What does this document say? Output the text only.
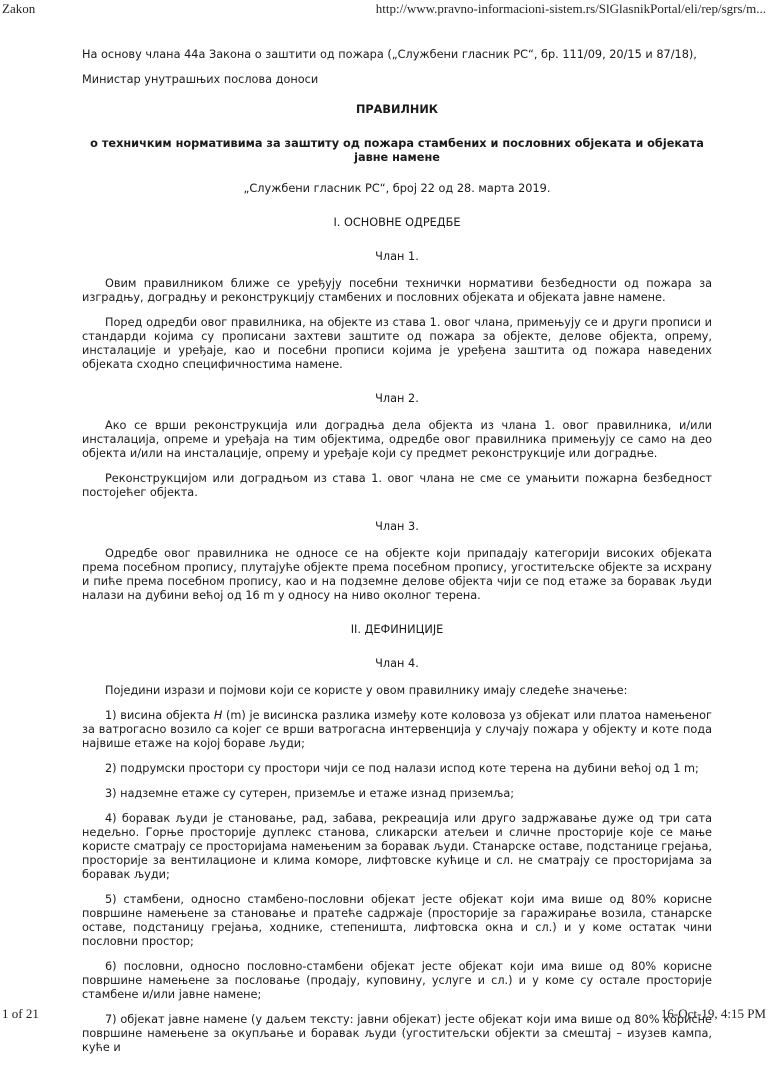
Zakon	http://www.pravno-informacioni-sistem.rs/SlGlasnikPortal/eli/rep/sgrs/m...

На основу члана 44а Закона о заштити од пожара („Службени гласник РС“, бр. 111/09, 20/15 и 87/18),

Министар унутрашњих послова доноси

ПРАВИЛНИК

о техничким нормативима за заштиту од пожара стамбених и пословних објеката и објеката јавне намене

„Службени гласник РС“, број 22 од 28. марта 2019.

I. ОСНОВНЕ ОДРЕДБЕ

Члан 1.

Овим правилником ближе се уређују посебни технички нормативи безбедности од пожара за изградњу, доградњу и реконструкцију стамбених и пословних објеката и објеката јавне намене.

Поред одредби овог правилника, на објекте из става 1. овог члана, примењују се и други прописи и стандарди којима су прописани захтеви заштите од пожара за објекте, делове објекта, опрему, инсталације и уређаје, као и посебни прописи којима је уређена заштита од пожара наведених објеката сходно специфичностима намене.

Члан 2.

Ако се врши реконструкција или доградња дела објекта из члана 1. овог правилника, и/или инсталација, опреме и уређаја на тим објектима, одредбе овог правилника примењују се само на део објекта и/или на инсталације, опрему и уређаје који су предмет реконструкције или доградње.

Реконструкцијом или доградњом из става 1. овог члана не сме се умањити пожарна безбедност постојећег објекта.

Члан 3.

Одредбе овог правилника не односе се на објекте који припадају категорији високих објеката према посебном пропису, плутајуће објекте према посебном пропису, угоститељске објекте за исхрану и пиће према посебном пропису, као и на подземне делове објекта чији се под етаже за боравак људи налази на дубини већој од 16 m у односу на ниво околног терена.

II. ДЕФИНИЦИЈЕ

Члан 4.

Поједини изрази и појмови који се користе у овом правилнику имају следеће значење:

1) висина објекта H (m) је висинска разлика између коте коловоза уз објекат или платоа намењеног за ватрогасно возило са којег се врши ватрогасна интервенција у случају пожара у објекту и коте пода највише етаже на којој бораве људи;

2) подрумски простори су простори чији се под налази испод коте терена на дубини већој од 1 m;

3) надземне етаже су сутерен, приземље и етаже изнад приземља;

4) боравак људи је становање, рад, забава, рекреација или друго задржавање дуже од три сата недељно. Горње просторије дуплекс станова, сликарски атељеи и сличне просторије које се мање користе сматрају се просторијама намењеним за боравак људи. Станарске оставе, подстанице грејања, просторије за вентилационе и клима коморе, лифтовске кућице и сл. не сматрају се просторијама за боравак људи;

5) стамбени, односно стамбено-пословни објекат јесте објекат који има више од 80% корисне површине намењене за становање и пратеће садржаје (просторије за гаражирање возила, станарске оставе, подстаницу грејања, ходнике, степеништа, лифтовска окна и сл.) и у коме остатак чини пословни простор;

6) пословни, односно пословно-стамбени објекат јесте објекат који има више од 80% корисне површине намењене за пословање (продају, куповину, услуге и сл.) и у коме су остале просторије стамбене и/или јавне намене;

7) објекат јавне намене (у даљем тексту: јавни објекат) јесте објекат који има више од 80% корисне површине намењене за окупљање и боравак људи (угоститељски објекти за смештај – изузев кампа, куће и

1 of 21	16-Oct-19, 4:15 PM
